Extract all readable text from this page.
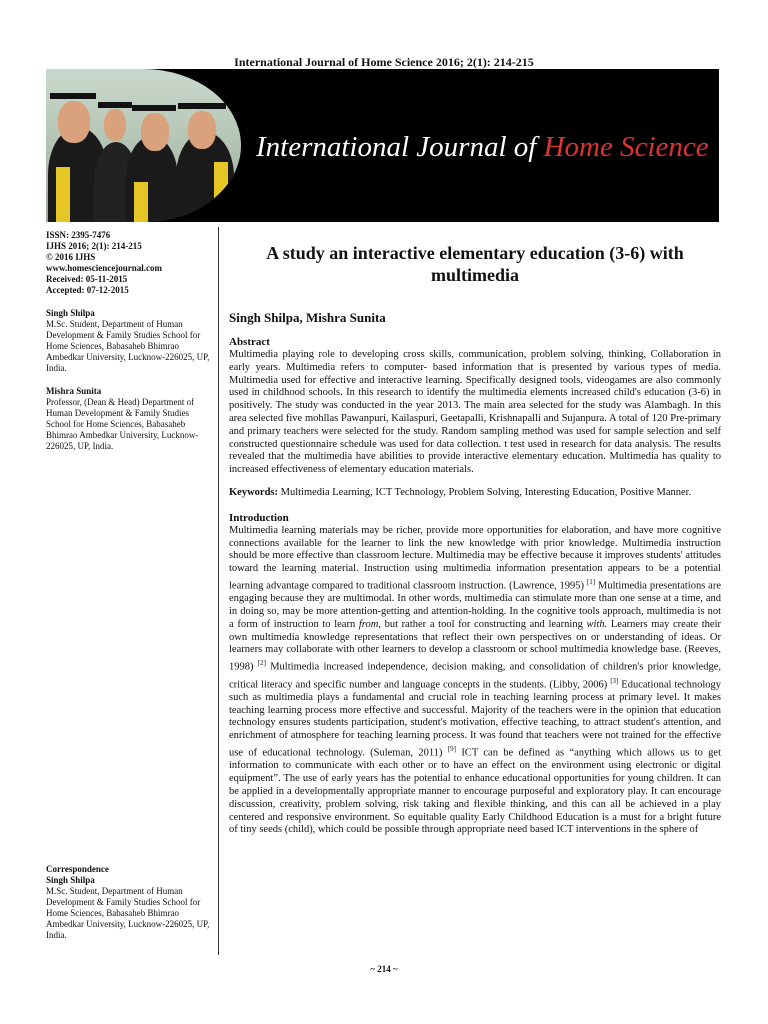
International Journal of Home Science 2016; 2(1): 214-215
International Journal of Home Science

ISSN: 2395-7476

IJHS 2016; 2(1): 214-215

© 2016 IJHS

www.homesciencejournal.com

Received: 05-11-2015

Accepted: 07-12-2015

Singh Shilpa

M.Sc. Student, Department of Human Development & Family Studies School for Home Sciences, Babasaheb Bhimrao Ambedkar University, Lucknow-226025, UP, India.

Mishra Sunita

Professor, (Dean & Head) Department of Human Development & Family Studies School for Home Sciences, Babasaheb Bhimrao Ambedkar University, Lucknow-226025, UP, India.

Correspondence

Singh Shilpa

M.Sc. Student, Department of Human Development & Family Studies School for Home Sciences, Babasaheb Bhimrao Ambedkar University, Lucknow-226025, UP, India.

A study an interactive elementary education (3-6) with multimedia
Singh Shilpa, Mishra Sunita

Abstract

Multimedia playing role to developing cross skills, communication, problem solving, thinking, Collaboration in early years. Multimedia refers to computer- based information that is presented by various types of media. Multimedia used for effective and interactive learning. Specifically designed tools, videogames are also commonly used in childhood schools. In this research to identify the multimedia elements increased child's education (3-6) in positively. The study was conducted in the year 2013. The main area selected for the study was Alambagh. In this area selected five mohllas Pawanpuri, Kailaspuri, Geetapalli, Krishnapalli and Sujanpura. A total of 120 Pre-primary and primary teachers were selected for the study. Random sampling method was used for sample selection and self constructed questionnaire schedule was used for data collection. t test used in research for data analysis. The results revealed that the multimedia have abilities to provide interactive elementary education. Multimedia has quality to increased effectiveness of elementary education materials.

Keywords: Multimedia Learning, ICT Technology, Problem Solving, Interesting Education, Positive Manner.

Introduction

Multimedia learning materials may be richer, provide more opportunities for elaboration, and have more cognitive connections available for the learner to link the new knowledge with prior knowledge. Multimedia instruction should be more effective than classroom lecture. Multimedia may be effective because it improves students' attitudes toward the learning material. Instruction using multimedia information presentation appears to be a potential learning advantage compared to traditional classroom instruction. (Lawrence, 1995) [1] Multimedia presentations are engaging because they are multimodal. In other words, multimedia can stimulate more than one sense at a time, and in doing so, may be more attention-getting and attention-holding. In the cognitive tools approach, multimedia is not a form of instruction to learn from, but rather a tool for constructing and learning with. Learners may create their own multimedia knowledge representations that reflect their own perspectives on or understanding of ideas. Or learners may collaborate with other learners to develop a classroom or school multimedia knowledge base. (Reeves, 1998) [2] Multimedia increased independence, decision making, and consolidation of children's prior knowledge, critical literacy and specific number and language concepts in the students. (Libby, 2006) [3] Educational technology such as multimedia plays a fundamental and crucial role in teaching learning process at primary level. It makes teaching learning process more effective and successful. Majority of the teachers were in the opinion that education technology ensures students participation, student's motivation, effective teaching, to attract student's attention, and enrichment of atmosphere for teaching learning process. It was found that teachers were not trained for the effective use of educational technology. (Suleman, 2011) [9] ICT can be defined as “anything which allows us to get information to communicate with each other or to have an effect on the environment using electronic or digital equipment”. The use of early years has the potential to enhance educational opportunities for young children. It can be applied in a developmentally appropriate manner to encourage purposeful and exploratory play. It can encourage discussion, creativity, problem solving, risk taking and flexible thinking, and this can all be achieved in a play centered and responsive environment. So equitable quality Early Childhood Education is a must for a bright future of tiny seeds (child), which could be possible through appropriate need based ICT interventions in the sphere of

~ 214 ~
